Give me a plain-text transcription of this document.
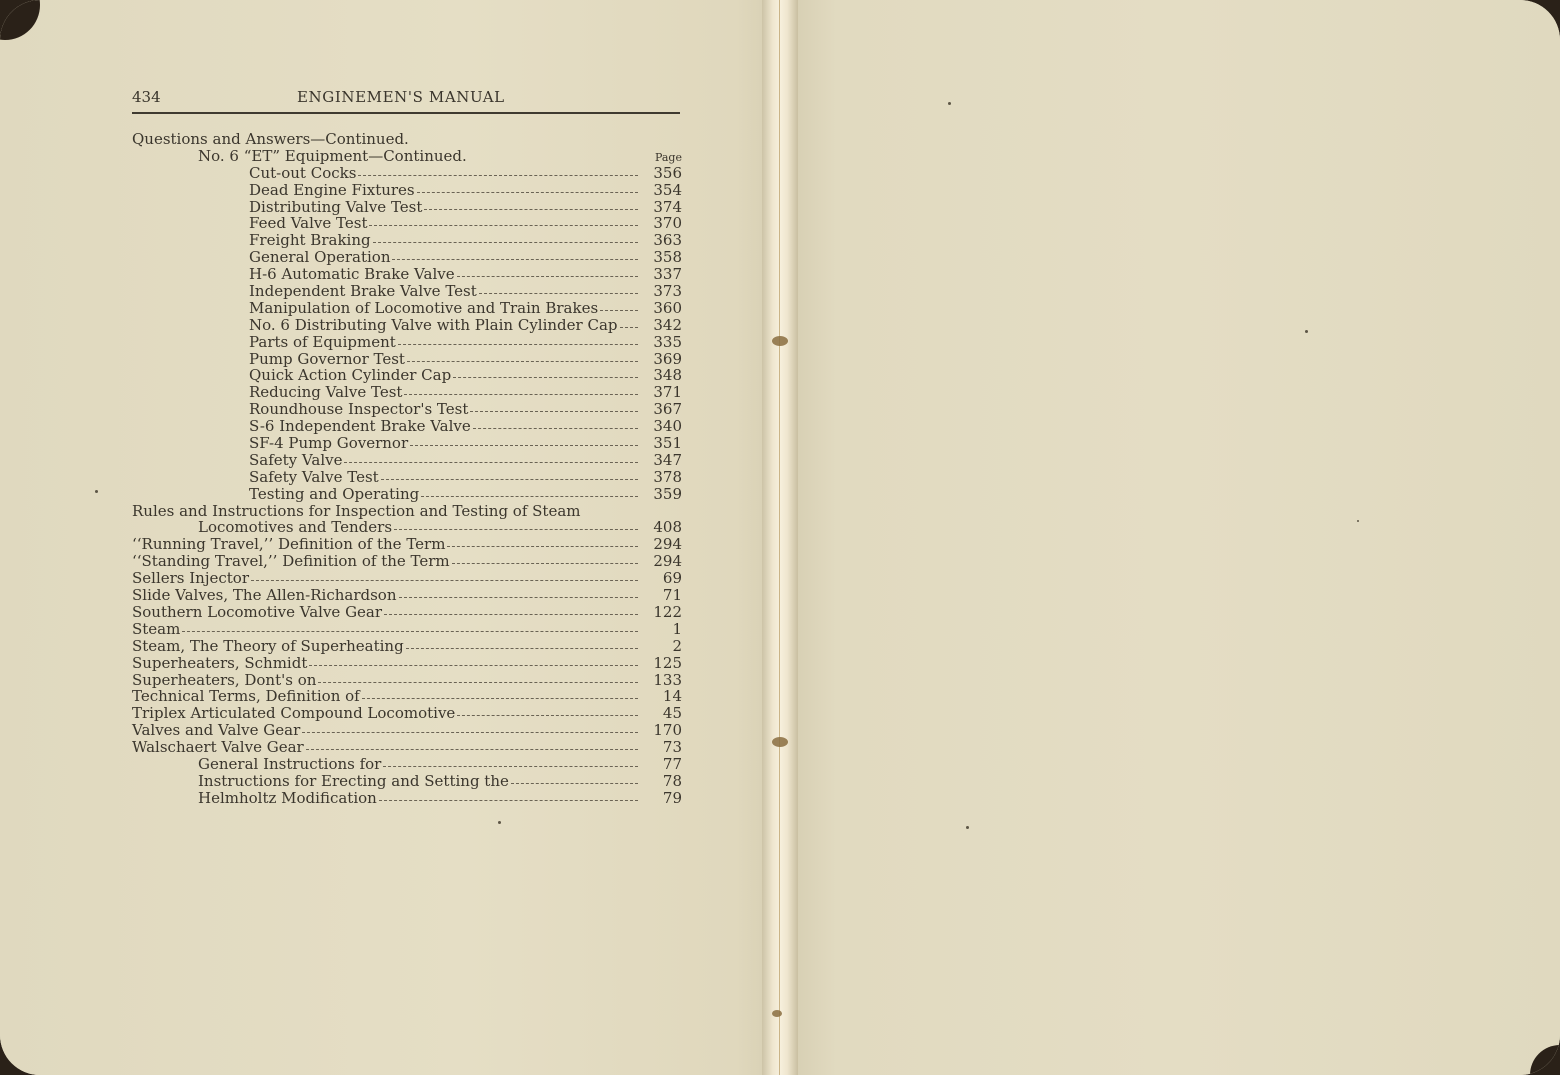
434	ENGINEMEN'S MANUAL
Questions and Answers—Continued.
No. 6 “ET” Equipment—Continued.	Page
Cut-out Cocks	356
Dead Engine Fixtures	354
Distributing Valve Test	374
Feed Valve Test	370
Freight Braking	363
General Operation	358
H-6 Automatic Brake Valve	337
Independent Brake Valve Test	373
Manipulation of Locomotive and Train Brakes	360
No. 6 Distributing Valve with Plain Cylinder Cap	342
Parts of Equipment	335
Pump Governor Test	369
Quick Action Cylinder Cap	348
Reducing Valve Test	371
Roundhouse Inspector's Test	367
S-6 Independent Brake Valve	340
SF-4 Pump Governor	351
Safety Valve	347
Safety Valve Test	378
Testing and Operating	359
Rules and Instructions for Inspection and Testing of Steam
Locomotives and Tenders	408
‘‘Running Travel,’’ Definition of the Term	294
‘‘Standing Travel,’’ Definition of the Term	294
Sellers Injector	69
Slide Valves, The Allen-Richardson	71
Southern Locomotive Valve Gear	122
Steam	1
Steam, The Theory of Superheating	2
Superheaters, Schmidt	125
Superheaters, Dont's on	133
Technical Terms, Definition of	14
Triplex Articulated Compound Locomotive	45
Valves and Valve Gear	170
Walschaert Valve Gear	73
General Instructions for	77
Instructions for Erecting and Setting the	78
Helmholtz Modification	79
